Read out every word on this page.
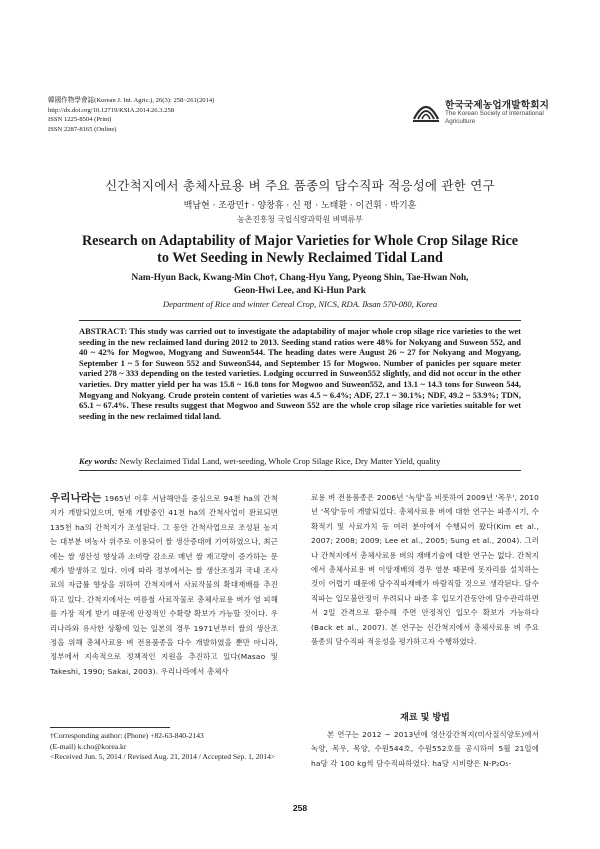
韓國作物學會誌(Korean J. Int. Agric.), 26(3): 258~261(2014)
http://dx.doi.org/10.12719/KSIA.2014.26.3.258
ISSN 1225-8504 (Print)
ISSN 2287-8165 (Online)
한국국제농업개발학회지
The Korean Society of International
Agriculture
신간척지에서 총체사료용 벼 주요 품종의 담수직파 적응성에 관한 연구
백남현 · 조광민† · 양창휴 · 신 평 · 노태환 · 이건휘 · 박기훈
농촌진흥청 국립식량과학원 벼맥류부
Research on Adaptability of Major Varieties for Whole Crop Silage Rice
to Wet Seeding in Newly Reclaimed Tidal Land
Nam-Hyun Back, Kwang-Min Cho†, Chang-Hyu Yang, Pyeong Shin, Tae-Hwan Noh,
Geon-Hwi Lee, and Ki-Hun Park
Department of Rice and winter Cereal Crop, NICS, RDA. Iksan 570-080, Korea
ABSTRACT: This study was carried out to investigate the adaptability of major whole crop silage rice varieties to the wet seeding in the new reclaimed land during 2012 to 2013. Seeding stand ratios were 48% for Nokyang and Suweon 552, and 40 ~ 42% for Mogwoo, Mogyang and Suweon544. The heading dates were August 26 ~ 27 for Nokyang and Mogyang, September 1 ~ 5 for Suweon 552 and Suweon544, and September 15 for Mogwoo. Number of panicles per square meter varied 278 ~ 333 depending on the tested varieties. Lodging occurred in Suweon552 slightly, and did not occur in the other varieties. Dry matter yield per ha was 15.8 ~ 16.8 tons for Mogwoo and Suweon552, and 13.1 ~ 14.3 tons for Suweon 544, Mogyang and Nokyang. Crude protein content of varieties was 4.5 ~ 6.4%; ADF, 27.1 ~ 30.1%; NDF, 49.2 ~ 53.9%; TDN, 65.1 ~ 67.4%. These results suggest that Mogwoo and Suweon 552 are the whole crop silage rice varieties suitable for wet seeding in the new reclaimed tidal land.
Key words: Newly Reclaimed Tidal Land, wet-seeding, Whole Crop Silage Rice, Dry Matter Yield, quality
우리나라는 1965년 이후 서남해안을 중심으로 94천 ha의 간척지가 개발되었으며, 현재 개발중인 41천 ha의 간척사업이 완료되면 135천 ha의 간척지가 조성된다. 그 동안 간척사업으로 조성된 농지는 대부분 벼농사 위주로 이용되어 쌀 생산증대에 기여하였으나, 최근에는 쌀 생산성 향상과 소비량 감소로 매년 쌀 재고량이 증가하는 문제가 발생하고 있다. 이에 따라 정부에서는 쌀 생산조정과 국내 조사료의 자급률 향상을 위하여 간척지에서 사료작물의 확대재배를 추진하고 있다. 간척지에서는 여름철 사료작물로 총체사료용 벼가 염 피해를 가장 적게 받기 때문에 안정적인 수확량 확보가 가능할 것이다. 우리나라와 유사한 상황에 있는 일본의 경우 1971년부터 쌀의 생산조정을 위해 총체사료용 벼 전용품종을 다수 개발하였을 뿐만 아니라, 정부에서 지속적으로 정책적인 지원을 추진하고 있다(Masao 및 Takeshi, 1990; Sakai, 2003). 우리나라에서 총체사
료용 벼 전용품종은 2006년 '녹양'을 비롯하여 2009년 '목우', 2010년 '목양'등이 개발되었다. 총체사료용 벼에 대한 연구는 파종시기, 수확적기 및 사료가치 등 여러 분야에서 수행되어 왔다(Kim et al., 2007; 2008; 2009; Lee et al., 2005; Sung et al., 2004). 그러나 간척지에서 총체사료용 벼의 재배기술에 대한 연구는 없다. 간척지에서 총체사료용 벼 이앙재배의 경우 염분 때문에 못자리를 설치하는 것이 어렵기 때문에 담수직파재배가 바람직할 것으로 생각된다. 담수직파는 입모불안정이 우려되나 파종 후 입모기간동안에 담수관리하면서 2일 간격으로 환수해 주면 안정적인 입모수 확보가 가능하다(Back et al., 2007). 본 연구는 신간척지에서 총체사료용 벼 주요 품종의 담수직파 적응성을 평가하고자 수행하였다.
재료 및 방법
본 연구는 2012 ~ 2013년에 영산강간척지(미사질식양토)에서 녹양, 목우, 목양, 수원544호, 수원552호를 공시하여 5월 21일에 ha당 각 100 kg씩 담수직파하였다. ha당 시비량은 N-P₂O₅-
†Corresponding author: (Phone) +82-63-840-2143
(E-mail) k.cho@korea.kr
<Received Jun. 5, 2014 / Revised Aug. 21, 2014 / Accepted Sep. 1, 2014>
258
